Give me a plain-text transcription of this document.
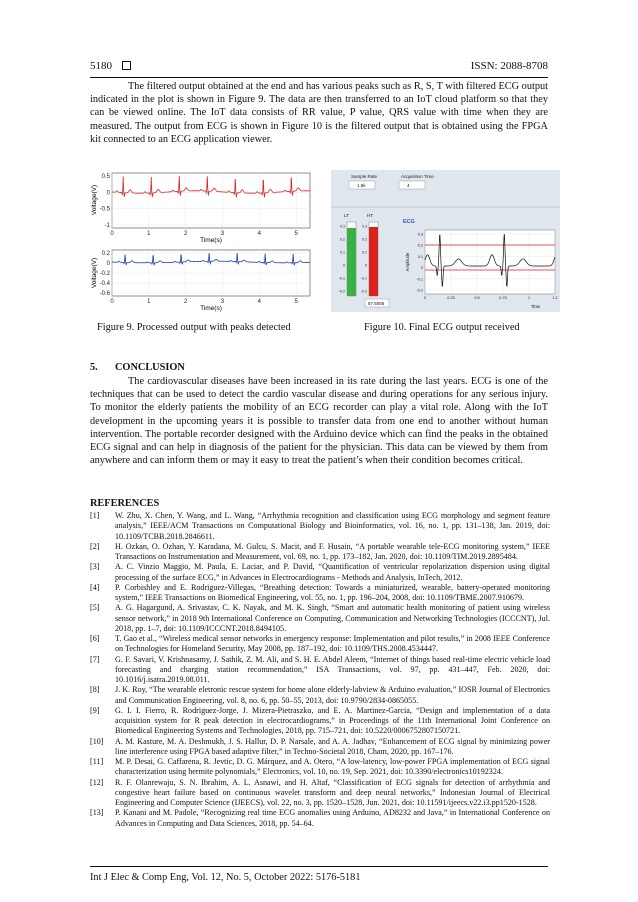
5180	ISSN: 2088-8708

The filtered output obtained at the end and has various peaks such as R, S, T with filtered ECG output indicated in the plot is shown in Figure 9. The data are then transferred to an IoT cloud platform so that they can be viewed online. The IoT data consists of RR value, P value, QRS value with time when they are measured. The output from ECG is shown in Figure 10 is the filtered output that is obtained using the FPGA kit connected to an ECG application viewer.

0.5
0
-0.5
-1
0	1	2	3	4	5
Voltage(V)
Time(s)
0.2
0
-0.2
-0.4
-0.6
0	1	2	3	4	5
Voltage(V)
Time(s)
Figure 9. Processed output with peaks detected
Sample Rate
1.5k
Acquisition Time
4
LT	HT
0.3
0.2
0.1
0
-0.1
-0.2
0.3
0.2
0.1
0
-0.1
-0.2
87.5056
ECG
0.3
0.2
0.1
0
-0.1
-0.2
0	0.25	0.5	0.75	1	1.2
Amplitude
Time
Figure 10. Final ECG output received
5. CONCLUSION

The cardiovascular diseases have been increased in its rate during the last years. ECG is one of the techniques that can be used to detect the cardio vascular disease and during operations for any serious injury. To monitor the elderly patients the mobility of an ECG recorder can play a vital role. Along with the IoT development in the upcoming years it is possible to transfer data from one end to another without human intervention. The portable recorder designed with the Arduino device which can find the peaks in the obtained ECG signal and can help in diagnosis of the patient for the physician. This data can be viewed by them from anywhere and can inform them or may it easy to treat the patient’s when their condition becomes critical.

REFERENCES

[1] W. Zhu, X. Chen, Y. Wang, and L. Wang, “Arrhythmia recognition and classification using ECG morphology and segment feature analysis,” IEEE/ACM Transactions on Computational Biology and Bioinformatics, vol. 16, no. 1, pp. 131–138, Jan. 2019, doi: 10.1109/TCBB.2018.2846611.

[2] H. Ozkan, O. Ozhan, Y. Karadana, M. Gulcu, S. Macit, and F. Husain, “A portable wearable tele-ECG monitoring system,” IEEE Transactions on Instrumentation and Measurement, vol. 69, no. 1, pp. 173–182, Jan. 2020, doi: 10.1109/TIM.2019.2895484.

[3] A. C. Vinzio Maggio, M. Paula, E. Laciar, and P. David, “Quantification of ventricular repolarization dispersion using digital processing of the surface ECG,” in Advances in Electrocardiograms - Methods and Analysis, InTech, 2012.

[4] P. Corbishley and E. Rodriguez-Villegas, “Breathing detection: Towards a miniaturized, wearable, battery-operated monitoring system,” IEEE Transactions on Biomedical Engineering, vol. 55, no. 1, pp. 196–204, 2008, doi: 10.1109/TBME.2007.910679.

[5] A. G. Hagargund, A. Srivastav, C. K. Nayak, and M. K. Singh, “Smart and automatic health monitoring of patient using wireless sensor network,” in 2018 9th International Conference on Computing, Communication and Networking Technologies (ICCCNT), Jul. 2018, pp. 1–7, doi: 10.1109/ICCCNT.2018.8494105.

[6] T. Gao et al., “Wireless medical sensor networks in emergency response: Implementation and pilot results,” in 2008 IEEE Conference on Technologies for Homeland Security, May 2008, pp. 187–192, doi: 10.1109/THS.2008.4534447.

[7] G. F. Savari, V. Krishnasamy, J. Sathik, Z. M. Ali, and S. H. E. Abdel Aleem, “Internet of things based real-time electric vehicle load forecasting and charging station recommendation,” ISA Transactions, vol. 97, pp. 431–447, Feb. 2020, doi: 10.1016/j.isatra.2019.08.011.

[8] J. K. Roy, “The wearable eletronic rescue system for home alone elderly-labview & Arduino evaluation,” IOSR Journal of Electronics and Communication Engineering, vol. 8, no. 6, pp. 50–55, 2013, doi: 10.9790/2834-0865055.

[9] G. I. I. Fierro, R. Rodriguez-Jorge, J. Mizera-Pietraszko, and E. A. Martinez-Garcia, “Design and implementation of a data acquisition system for R peak detection in electrocardiograms,” in Proceedings of the 11th International Joint Conference on Biomedical Engineering Systems and Technologies, 2018, pp. 715–721, doi: 10.5220/0006752807150721.

[10] A. M. Kasture, M. A. Deshmukh, J. S. Hallur, D. P. Narsale, and A. A. Jadhav, “Enhancement of ECG signal by minimizing power line interference using FPGA based adaptive filter,” in Techno-Societal 2018, Cham, 2020, pp. 167–176.

[11] M. P. Desai, G. Caffarena, R. Jevtic, D. G. Márquez, and A. Otero, “A low-latency, low-power FPGA implementation of ECG signal characterization using hermite polynomials,” Electronics, vol. 10, no. 19, Sep. 2021, doi: 10.3390/electronics10192324.

[12] R. F. Olanrewaju, S. N. Ibrahim, A. L. Asnawi, and H. Altaf, “Classification of ECG signals for detection of arrhythmia and congestive heart failure based on continuous wavelet transform and deep neural networks,” Indonesian Journal of Electrical Engineering and Computer Science (IJEECS), vol. 22, no. 3, pp. 1520–1528, Jun. 2021, doi: 10.11591/ijeecs.v22.i3.pp1520-1528.

[13] P. Kanani and M. Padole, “Recognizing real time ECG anomalies using Arduino, AD8232 and Java,” in International Conference on Advances in Computing and Data Sciences, 2018, pp. 54–64.

Int J Elec & Comp Eng, Vol. 12, No. 5, October 2022: 5176-5181
